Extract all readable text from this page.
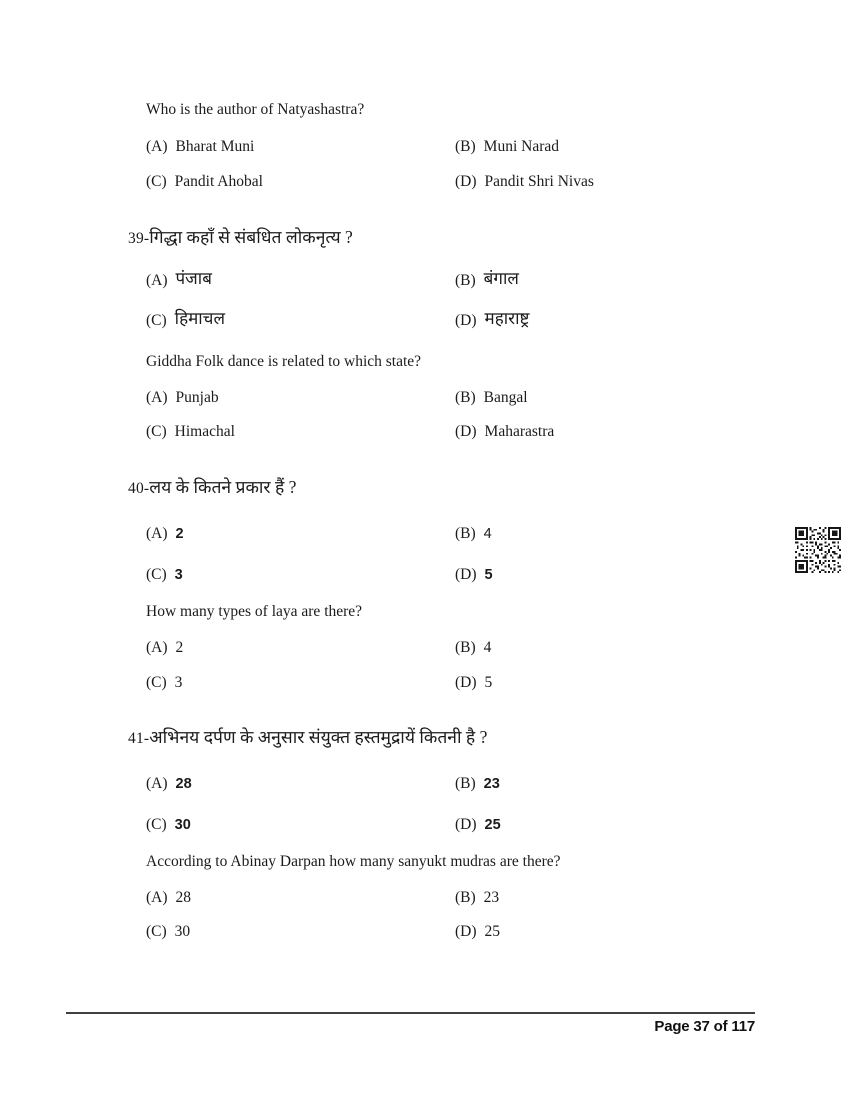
Who is the author of Natyashastra?
(A) Bharat Muni	(B) Muni Narad
(C) Pandit Ahobal	(D) Pandit Shri Nivas
39-गिद्धा कहाँ से संबधित लोकनृत्य ?
(A) पंजाब	(B) बंगाल
(C) हिमाचल	(D) महाराष्ट्र
Giddha Folk dance is related to which state?
(A) Punjab	(B) Bangal
(C) Himachal	(D) Maharastra
40-लय के कितने प्रकार हैं ?
(A) 2	(B) 4
(C) 3	(D) 5
How many types of laya are there?
(A) 2	(B) 4
(C) 3	(D) 5
41-अभिनय दर्पण के अनुसार संयुक्त हस्तमुद्रायें कितनी है ?
(A) 28	(B) 23
(C) 30	(D) 25
According to Abinay Darpan how many sanyukt mudras are there?
(A) 28	(B) 23
(C) 30	(D) 25
Page 37 of 117
